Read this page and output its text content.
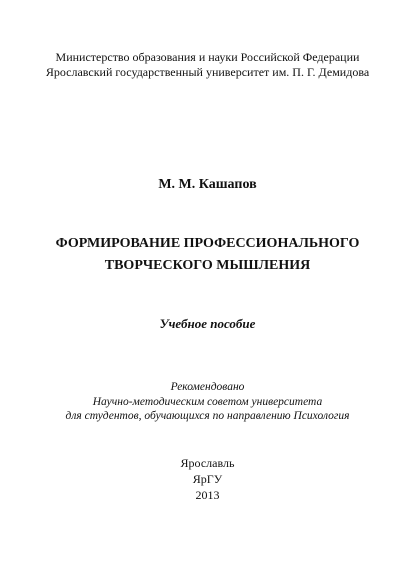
Министерство образования и науки Российской Федерации
Ярославский государственный университет им. П. Г. Демидова
М. М. Кашапов
ФОРМИРОВАНИЕ ПРОФЕССИОНАЛЬНОГО
ТВОРЧЕСКОГО МЫШЛЕНИЯ
Учебное пособие
Рекомендовано
Научно-методическим советом университета
для студентов, обучающихся по направлению Психология
Ярославль
ЯрГУ
2013
